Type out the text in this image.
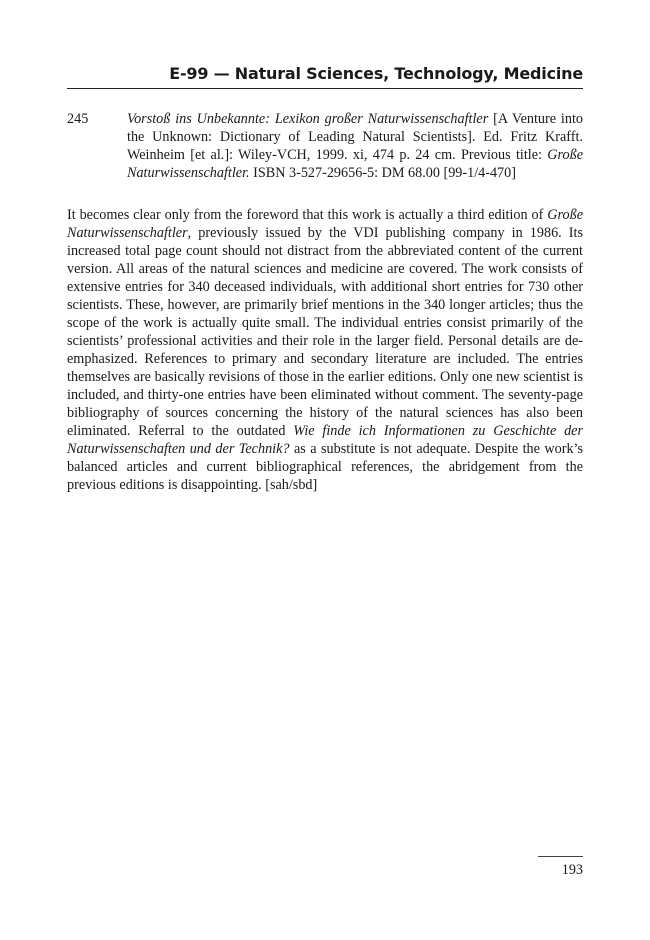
E-99 — Natural Sciences, Technology, Medicine
245	Vorstoß ins Unbekannte: Lexikon großer Naturwissenschaftler [A Venture into the Unknown: Dictionary of Leading Natural Scientists]. Ed. Fritz Krafft. Weinheim [et al.]: Wiley-VCH, 1999. xi, 474 p. 24 cm. Previous title: Große Naturwissenschaftler. ISBN 3-527-29656-5: DM 68.00 [99-1/4-470]

It becomes clear only from the foreword that this work is actually a third edition of Große Naturwissenschaftler, previously issued by the VDI publishing company in 1986. Its increased total page count should not distract from the abbreviated content of the current version. All areas of the natural sciences and medicine are covered. The work consists of extensive entries for 340 deceased individuals, with additional short entries for 730 other scientists. These, however, are primarily brief mentions in the 340 longer articles; thus the scope of the work is actually quite small. The individual entries consist primarily of the scientists’ professional activities and their role in the larger field. Personal details are de-emphasized. References to primary and secondary literature are included. The entries themselves are basically revisions of those in the earlier editions. Only one new scientist is included, and thirty-one entries have been eliminated without comment. The seventy-page bibliography of sources concerning the history of the natural sciences has also been eliminated. Referral to the outdated Wie finde ich Informationen zu Geschichte der Naturwissenschaften und der Technik? as a substitute is not adequate. Despite the work’s balanced articles and current bibliographical references, the abridgement from the previous editions is disappointing. [sah/sbd]

193
